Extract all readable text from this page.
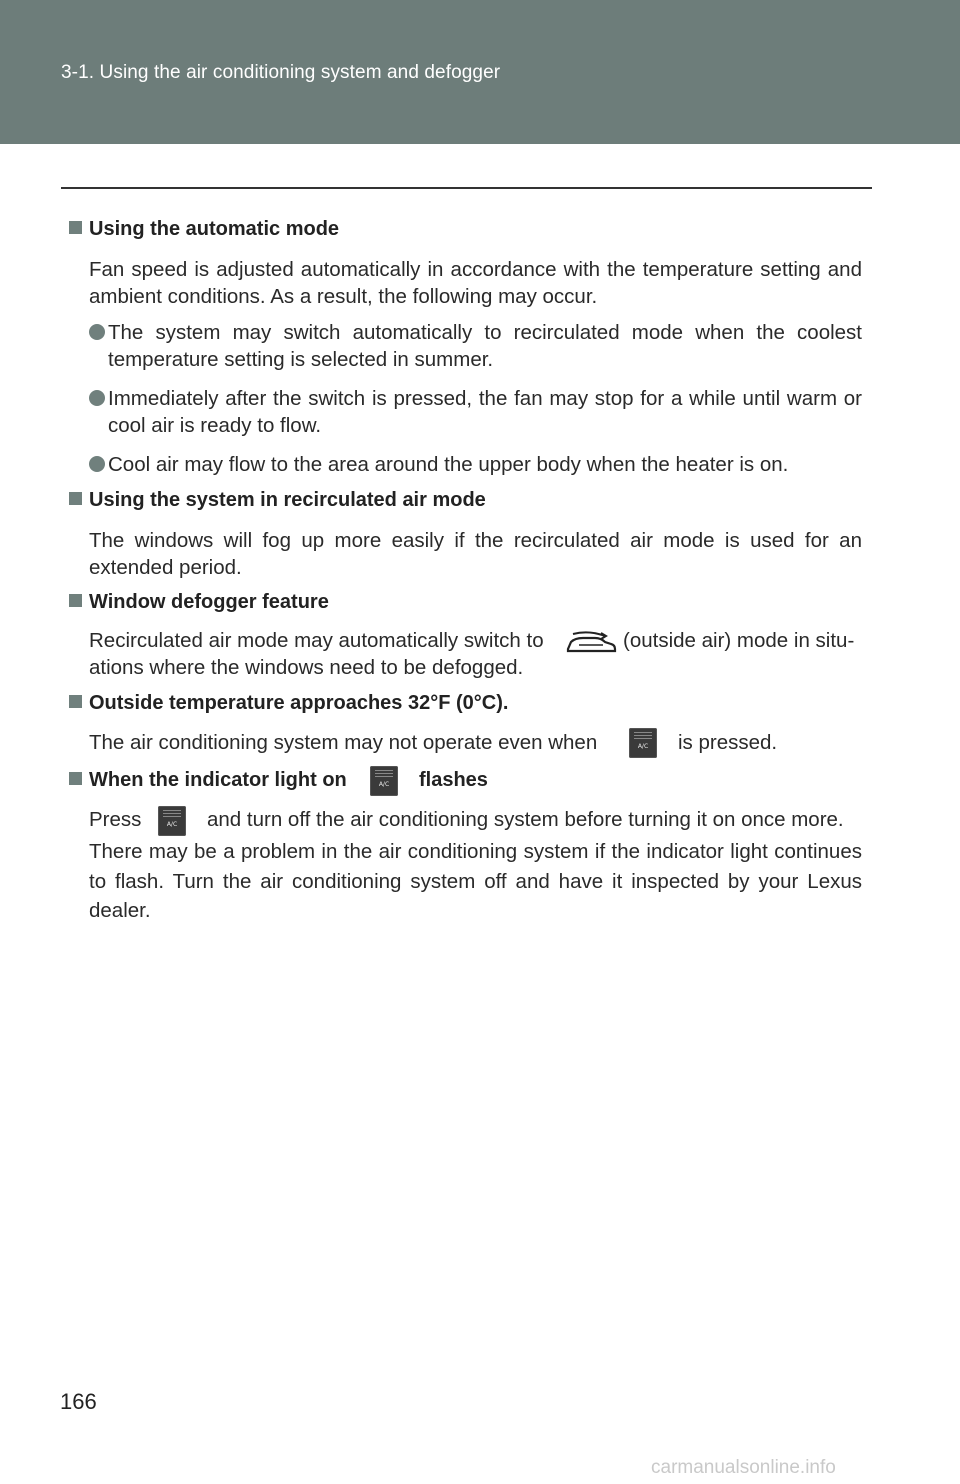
3-1. Using the air conditioning system and defogger
Using the automatic mode
Fan speed is adjusted automatically in accordance with the temperature setting and ambient conditions. As a result, the following may occur.
The system may switch automatically to recirculated mode when the coolest temperature setting is selected in summer.
Immediately after the switch is pressed, the fan may stop for a while until warm or cool air is ready to flow.
Cool air may flow to the area around the upper body when the heater is on.
Using the system in recirculated air mode
The windows will fog up more easily if the recirculated air mode is used for an extended period.
Window defogger feature
Recirculated air mode may automatically switch to	(outside air) mode in situ-
ations where the windows need to be defogged.
Outside temperature approaches 32°F (0°C).
The air conditioning system may not operate even when	A/C	is pressed.
When the indicator light on	A/C	flashes
Press	A/C	and turn off the air conditioning system before turning it on once more.
There may be a problem in the air conditioning system if the indicator light continues to flash. Turn the air conditioning system off and have it inspected by your Lexus dealer.
166
carmanualsonline.info
